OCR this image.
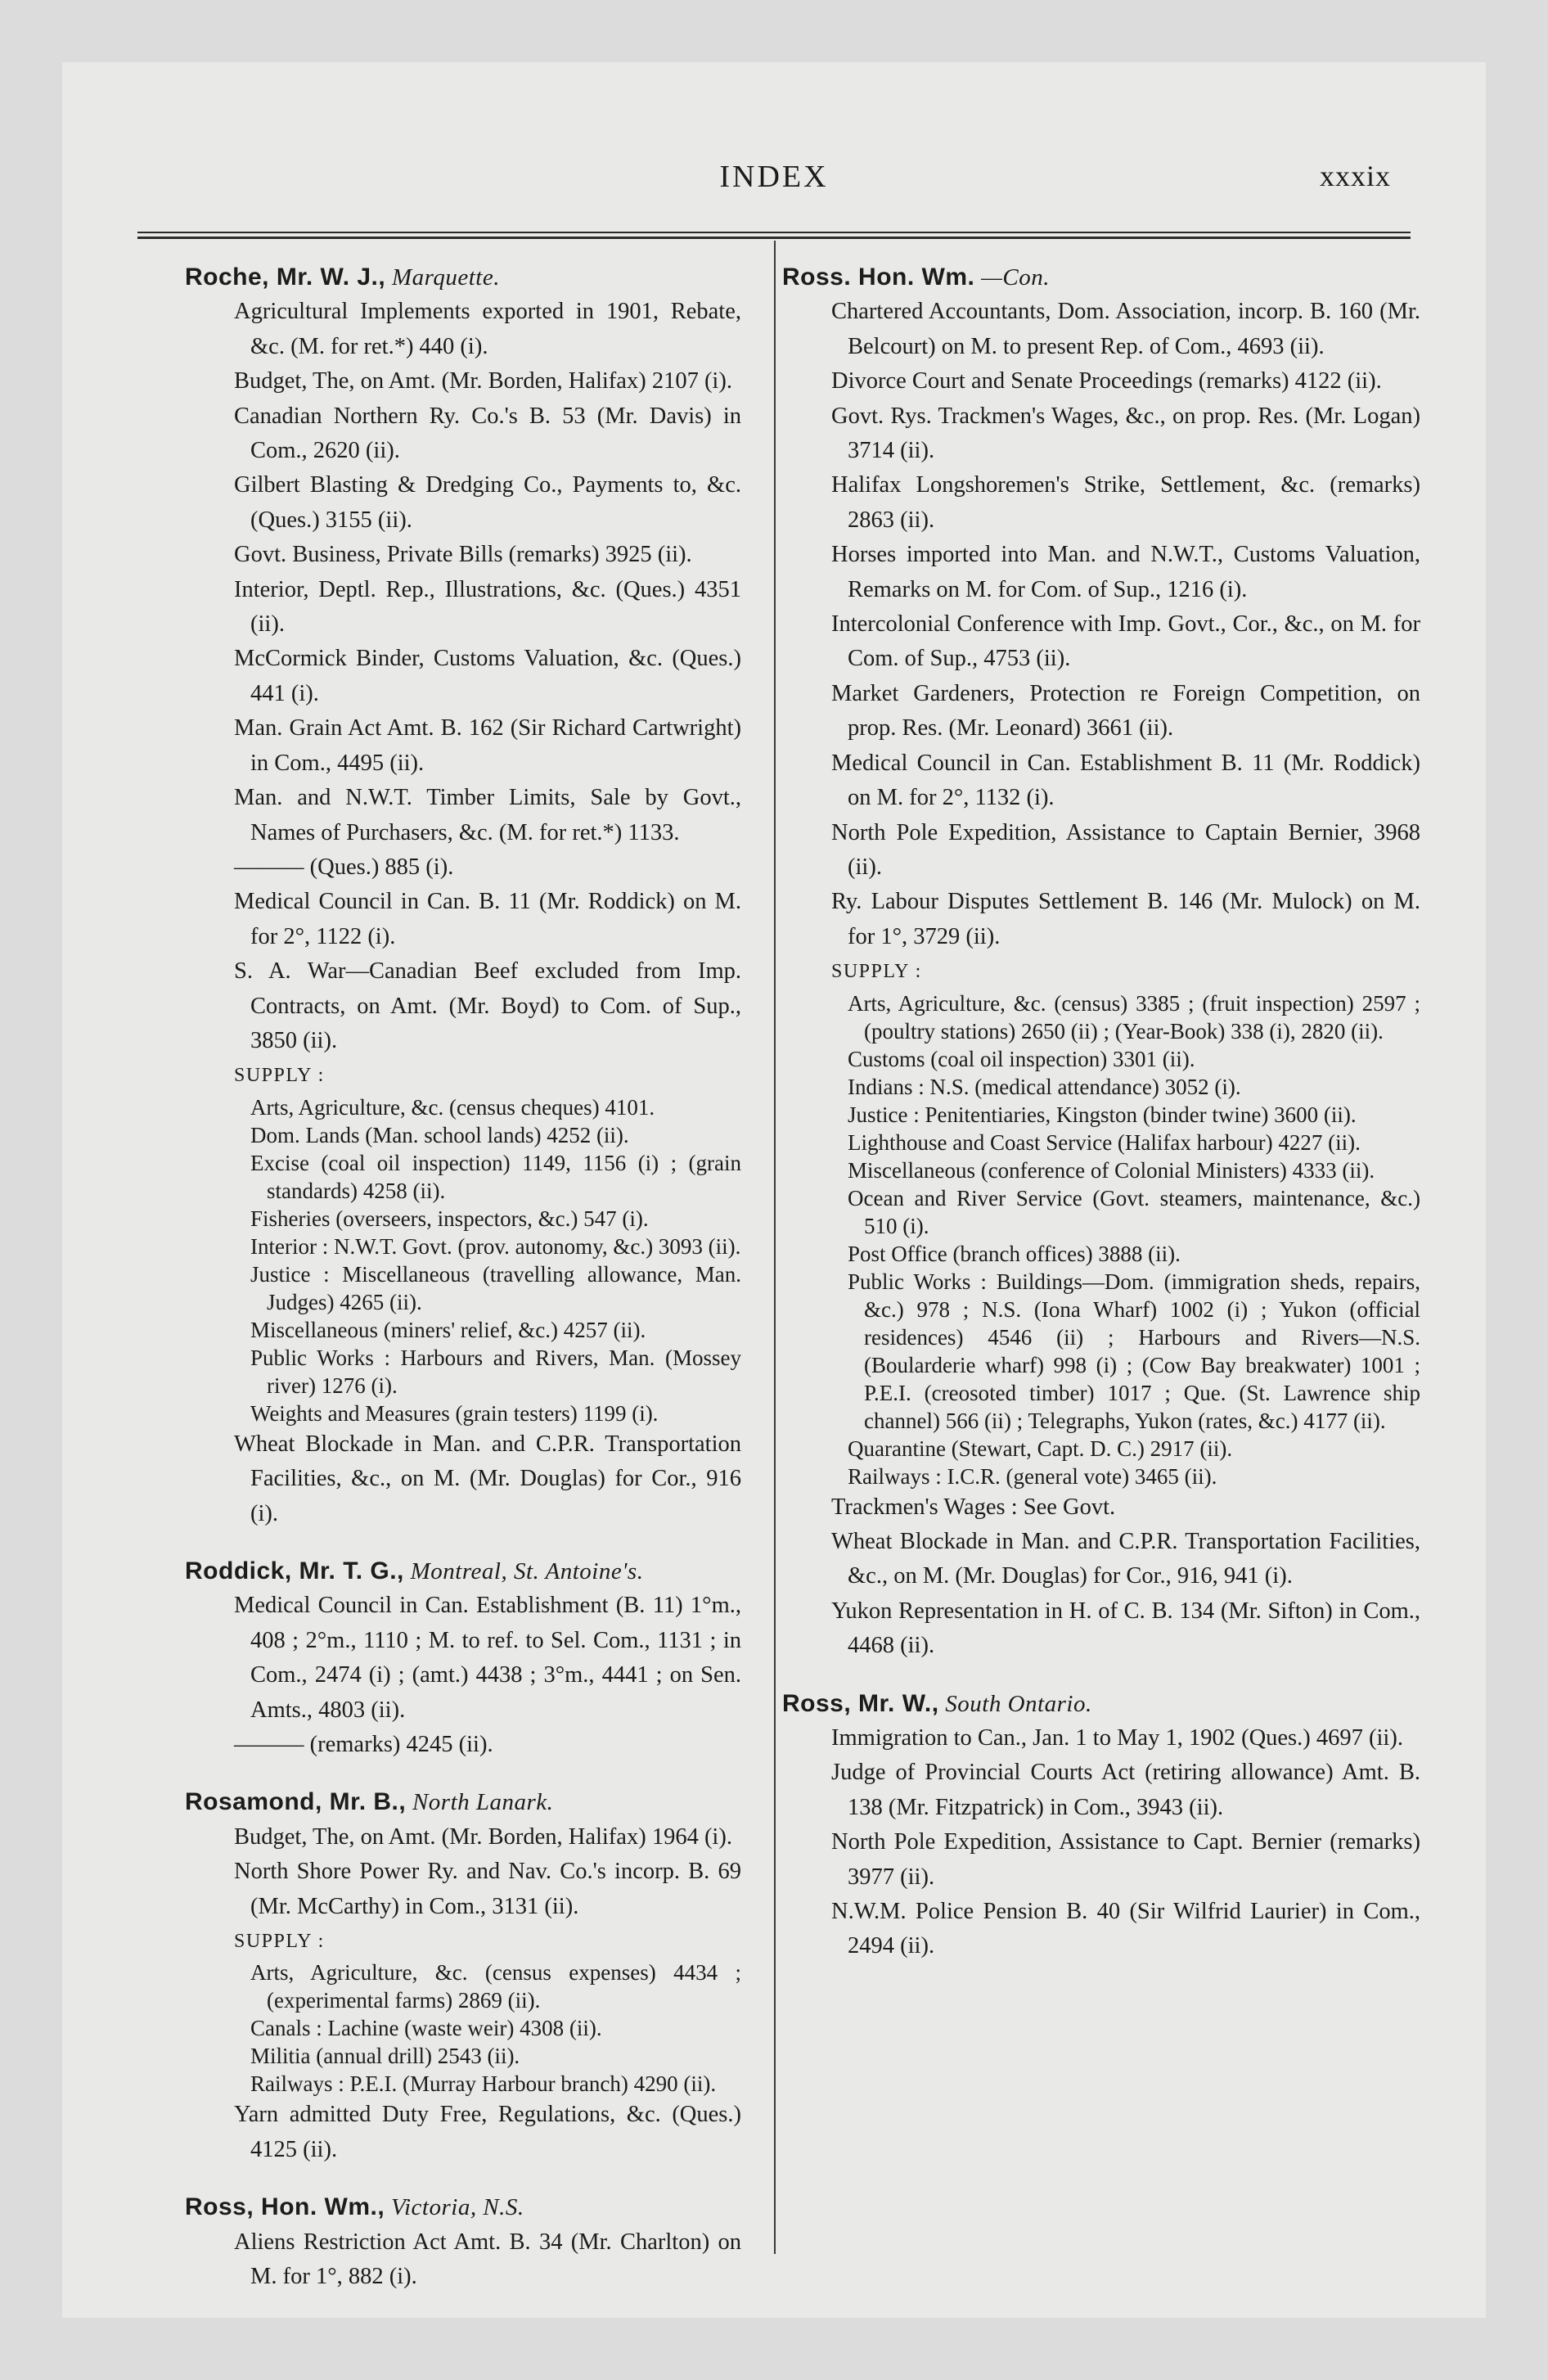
INDEX	xxxix
Roche, Mr. W. J., Marquette.
Agricultural Implements exported in 1901, Rebate, &c. (M. for ret.*) 440 (i).
Budget, The, on Amt. (Mr. Borden, Halifax) 2107 (i).
Canadian Northern Ry. Co.'s B. 53 (Mr. Davis) in Com., 2620 (ii).
Gilbert Blasting & Dredging Co., Payments to, &c. (Ques.) 3155 (ii).
Govt. Business, Private Bills (remarks) 3925 (ii).
Interior, Deptl. Rep., Illustrations, &c. (Ques.) 4351 (ii).
McCormick Binder, Customs Valuation, &c. (Ques.) 441 (i).
Man. Grain Act Amt. B. 162 (Sir Richard Cartwright) in Com., 4495 (ii).
Man. and N.W.T. Timber Limits, Sale by Govt., Names of Purchasers, &c. (M. for ret.*) 1133.
——— (Ques.) 885 (i).
Medical Council in Can. B. 11 (Mr. Roddick) on M. for 2°, 1122 (i).
S. A. War—Canadian Beef excluded from Imp. Contracts, on Amt. (Mr. Boyd) to Com. of Sup., 3850 (ii).
SUPPLY :
Arts, Agriculture, &c. (census cheques) 4101.
Dom. Lands (Man. school lands) 4252 (ii).
Excise (coal oil inspection) 1149, 1156 (i) ; (grain standards) 4258 (ii).
Fisheries (overseers, inspectors, &c.) 547 (i).
Interior : N.W.T. Govt. (prov. autonomy, &c.) 3093 (ii).
Justice : Miscellaneous (travelling allowance, Man. Judges) 4265 (ii).
Miscellaneous (miners' relief, &c.) 4257 (ii).
Public Works : Harbours and Rivers, Man. (Mossey river) 1276 (i).
Weights and Measures (grain testers) 1199 (i).
Wheat Blockade in Man. and C.P.R. Transportation Facilities, &c., on M. (Mr. Douglas) for Cor., 916 (i).
Roddick, Mr. T. G., Montreal, St. Antoine's.
Medical Council in Can. Establishment (B. 11) 1°m., 408 ; 2°m., 1110 ; M. to ref. to Sel. Com., 1131 ; in Com., 2474 (i) ; (amt.) 4438 ; 3°m., 4441 ; on Sen. Amts., 4803 (ii).
——— (remarks) 4245 (ii).
Rosamond, Mr. B., North Lanark.
Budget, The, on Amt. (Mr. Borden, Halifax) 1964 (i).
North Shore Power Ry. and Nav. Co.'s incorp. B. 69 (Mr. McCarthy) in Com., 3131 (ii).
SUPPLY :
Arts, Agriculture, &c. (census expenses) 4434 ; (experimental farms) 2869 (ii).
Canals : Lachine (waste weir) 4308 (ii).
Militia (annual drill) 2543 (ii).
Railways : P.E.I. (Murray Harbour branch) 4290 (ii).
Yarn admitted Duty Free, Regulations, &c. (Ques.) 4125 (ii).
Ross, Hon. Wm., Victoria, N.S.
Aliens Restriction Act Amt. B. 34 (Mr. Charlton) on M. for 1°, 882 (i).
Ross. Hon. Wm. —Con.
Chartered Accountants, Dom. Association, incorp. B. 160 (Mr. Belcourt) on M. to present Rep. of Com., 4693 (ii).
Divorce Court and Senate Proceedings (remarks) 4122 (ii).
Govt. Rys. Trackmen's Wages, &c., on prop. Res. (Mr. Logan) 3714 (ii).
Halifax Longshoremen's Strike, Settlement, &c. (remarks) 2863 (ii).
Horses imported into Man. and N.W.T., Customs Valuation, Remarks on M. for Com. of Sup., 1216 (i).
Intercolonial Conference with Imp. Govt., Cor., &c., on M. for Com. of Sup., 4753 (ii).
Market Gardeners, Protection re Foreign Competition, on prop. Res. (Mr. Leonard) 3661 (ii).
Medical Council in Can. Establishment B. 11 (Mr. Roddick) on M. for 2°, 1132 (i).
North Pole Expedition, Assistance to Captain Bernier, 3968 (ii).
Ry. Labour Disputes Settlement B. 146 (Mr. Mulock) on M. for 1°, 3729 (ii).
SUPPLY :
Arts, Agriculture, &c. (census) 3385 ; (fruit inspection) 2597 ; (poultry stations) 2650 (ii) ; (Year-Book) 338 (i), 2820 (ii).
Customs (coal oil inspection) 3301 (ii).
Indians : N.S. (medical attendance) 3052 (i).
Justice : Penitentiaries, Kingston (binder twine) 3600 (ii).
Lighthouse and Coast Service (Halifax harbour) 4227 (ii).
Miscellaneous (conference of Colonial Ministers) 4333 (ii).
Ocean and River Service (Govt. steamers, maintenance, &c.) 510 (i).
Post Office (branch offices) 3888 (ii).
Public Works : Buildings—Dom. (immigration sheds, repairs, &c.) 978 ; N.S. (Iona Wharf) 1002 (i) ; Yukon (official residences) 4546 (ii) ; Harbours and Rivers—N.S. (Boularderie wharf) 998 (i) ; (Cow Bay breakwater) 1001 ; P.E.I. (creosoted timber) 1017 ; Que. (St. Lawrence ship channel) 566 (ii) ; Telegraphs, Yukon (rates, &c.) 4177 (ii).
Quarantine (Stewart, Capt. D. C.) 2917 (ii).
Railways : I.C.R. (general vote) 3465 (ii).
Trackmen's Wages : See Govt.
Wheat Blockade in Man. and C.P.R. Transportation Facilities, &c., on M. (Mr. Douglas) for Cor., 916, 941 (i).
Yukon Representation in H. of C. B. 134 (Mr. Sifton) in Com., 4468 (ii).
Ross, Mr. W., South Ontario.
Immigration to Can., Jan. 1 to May 1, 1902 (Ques.) 4697 (ii).
Judge of Provincial Courts Act (retiring allowance) Amt. B. 138 (Mr. Fitzpatrick) in Com., 3943 (ii).
North Pole Expedition, Assistance to Capt. Bernier (remarks) 3977 (ii).
N.W.M. Police Pension B. 40 (Sir Wilfrid Laurier) in Com., 2494 (ii).
